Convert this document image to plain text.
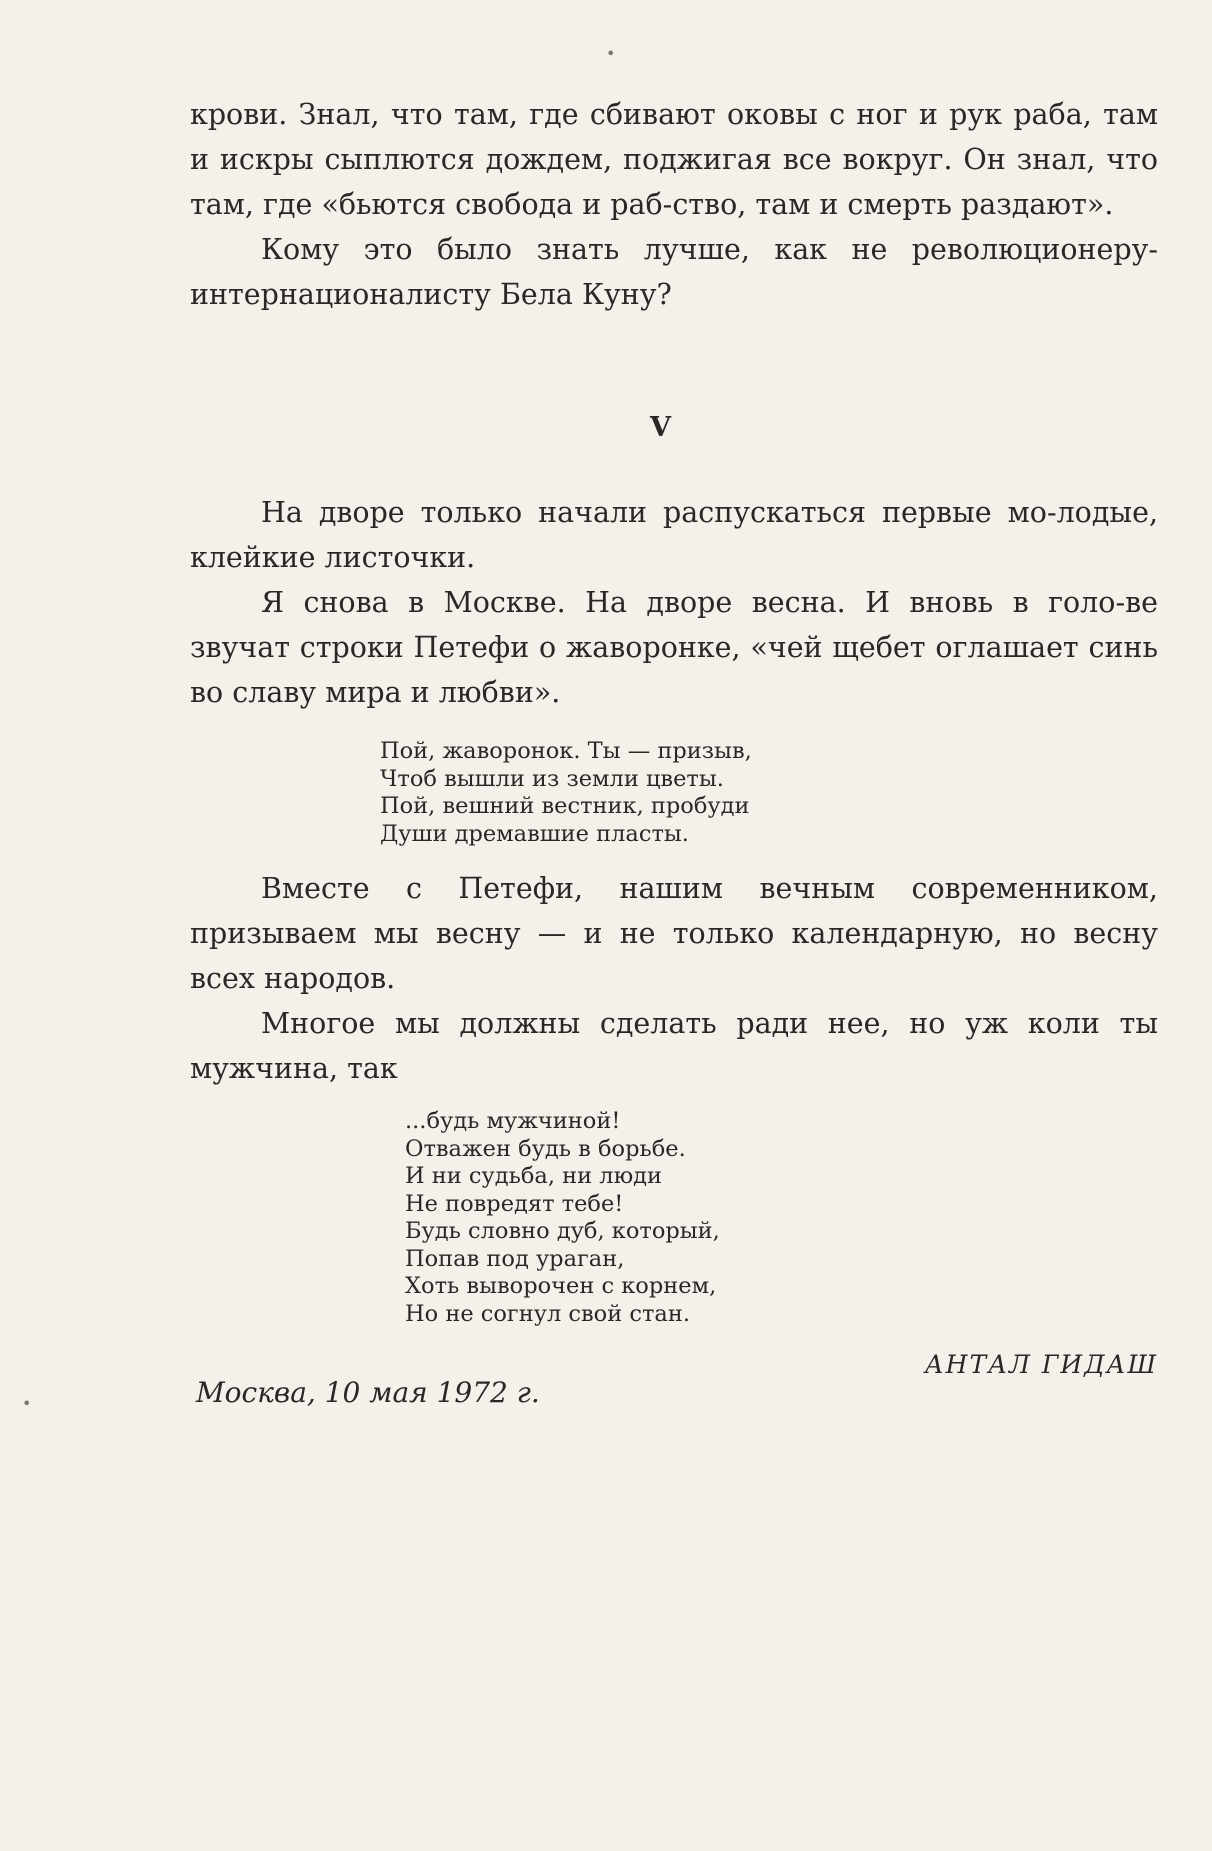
•
•

крови. Знал, что там, где сбивают оковы с ног и рук раба, там и искры сыплются дождем, поджигая все вокруг. Он знал, что там, где «бьются свобода и раб-ство, там и смерть раздают».

Кому это было знать лучше, как не революционеру-интернационалисту Бела Куну?

V

На дворе только начали распускаться первые мо-лодые, клейкие листочки.

Я снова в Москве. На дворе весна. И вновь в голо-ве звучат строки Петефи о жаворонке, «чей щебет оглашает синь во славу мира и любви».

Пой, жаворонок. Ты — призыв,
Чтоб вышли из земли цветы.
Пой, вешний вестник, пробуди
Души дремавшие пласты.

Вместе с Петефи, нашим вечным современником, призываем мы весну — и не только календарную, но весну всех народов.

Многое мы должны сделать ради нее, но уж коли ты мужчина, так

...будь мужчиной!
Отважен будь в борьбе.
И ни судьба, ни люди
Не повредят тебе!
Будь словно дуб, который,
Попав под ураган,
Хоть выворочен с корнем,
Но не согнул свой стан.
АНТАЛ ГИДАШ
Москва, 10 мая 1972 г.
